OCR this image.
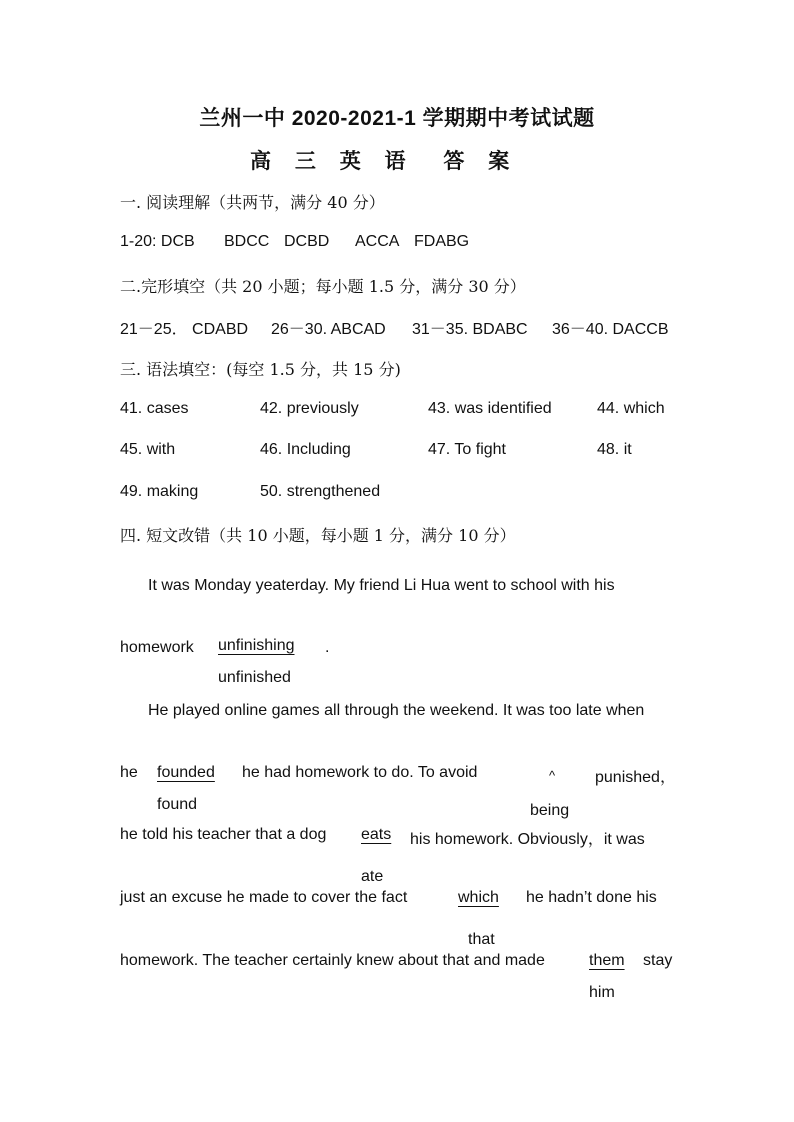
兰州一中 2020-2021-1 学期期中考试试题
高 三 英 语 答 案
一. 阅读理解（共两节，满分 40 分）
1-20: DCB BDCC DCBD ACCA FDABG
二.完形填空（共 20 小题；每小题 1.5 分，满分 30 分）
21－25． CDABD 26－30. ABCAD 31－35. BDABC 36－40. DACCB
三. 语法填空：(每空 1.5 分，共 15 分)
41. cases	42. previously	43. was identified	44. which
45. with	46. Including	47. To fight	48. it
49. making	50. strengthened
四. 短文改错（共 10 小题，每小题 1 分，满分 10 分）
It was Monday yeaterday. My friend Li Hua went to school with his
homework unfinishing .
unfinished
He played online games all through the weekend. It was too late when
he founded he had homework to do. To avoid	^ punished，
found	being
he told his teacher that a dog eats his homework. Obviously，it was
ate
just an excuse he made to cover the fact	which he hadn’t done his
that
homework. The teacher certainly knew about that and made	them stay
him
